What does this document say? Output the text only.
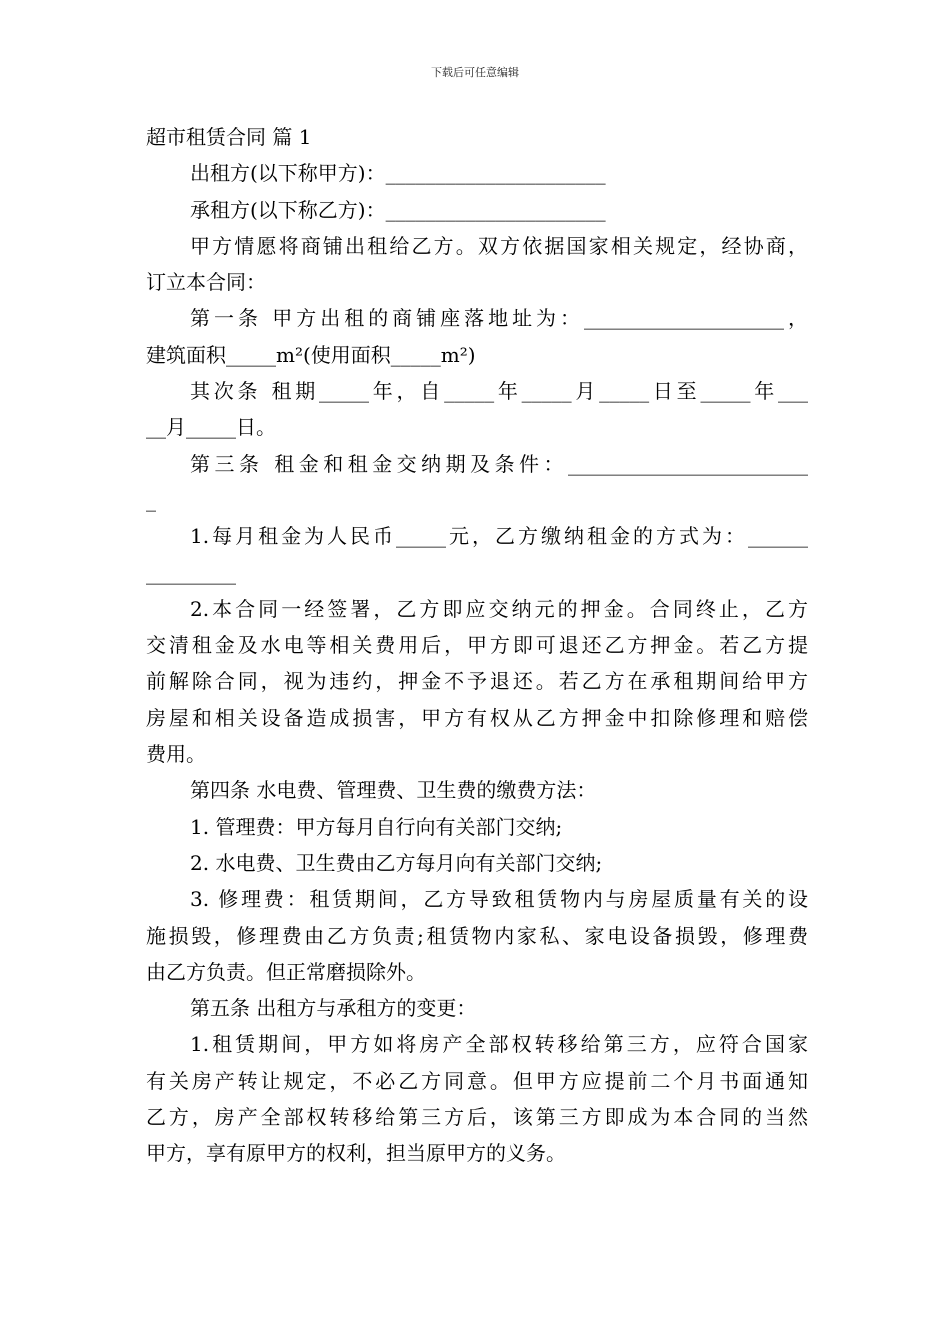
下载后可任意编辑
超市租赁合同 篇 1
出租方(以下称甲方)：______________________
承租方(以下称乙方)：______________________
甲方情愿将商铺出租给乙方。双方依据国家相关规定，经协商，
订立本合同：
第一条 甲方出租的商铺座落地址为：____________________，
建筑面积_____m²(使用面积_____m²)
其次条 租期_____年，自_____年_____月_____日至_____年___
__月_____日。
第三条 租金和租金交纳期及条件：________________________
_
1.每月租金为人民币_____元，乙方缴纳租金的方式为：______
_________
2.本合同一经签署，乙方即应交纳元的押金。合同终止，乙方
交清租金及水电等相关费用后，甲方即可退还乙方押金。若乙方提
前解除合同，视为违约，押金不予退还。若乙方在承租期间给甲方
房屋和相关设备造成损害，甲方有权从乙方押金中扣除修理和赔偿
费用。
第四条 水电费、管理费、卫生费的缴费方法：
1. 管理费：甲方每月自行向有关部门交纳;
2. 水电费、卫生费由乙方每月向有关部门交纳;
3. 修理费：租赁期间，乙方导致租赁物内与房屋质量有关的设
施损毁，修理费由乙方负责;租赁物内家私、家电设备损毁，修理费
由乙方负责。但正常磨损除外。
第五条 出租方与承租方的变更：
1.租赁期间，甲方如将房产全部权转移给第三方，应符合国家
有关房产转让规定，不必乙方同意。但甲方应提前二个月书面通知
乙方，房产全部权转移给第三方后，该第三方即成为本合同的当然
甲方，享有原甲方的权利，担当原甲方的义务。
